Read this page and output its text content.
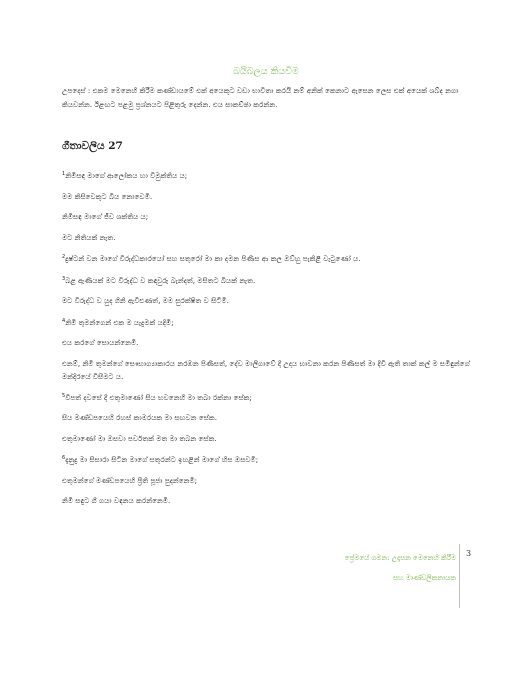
බයිබලය කියවීම
උපදෙස් : එකම මෙනෙහි කිරීම කණ්ඩායමේ එක් අයෙකුට වඩා භාවිතා කරයි නම් අනික් කෙනාට ඇසෙන ලෙස එක් අයෙක් ශබ්ද නගා කියවන්න. ඊළඟට පළමු ප්‍රශ්නයට පිළිතුරු දෙන්න. එය සාකච්ඡා කරන්න.
ගීතාවලිය 27
$^1$නිමිසඳ මාගේ ආලෝකය හා විමුක්තිය ය;
මම කිසිවෙකුට බිය නොවෙමි.
නිමිසඳ මාගේ ජීව ශක්තිය ය;
මට නිතියක් නැත.
$^2$දුෂ්ටන් වන මාගේ විරුද්ධකාරයෝ සහ සතුරෝ මා කා දමන පිණිස ආ කල ඔව්හු පැකිළී වැටුණෝ ය.
$^3$බළ ඇණියක් මට විරුද්ධ ව කඳවුරු බැන්දත්, මසිතට බියක් නැත.
මට විරුද්ධ ව යුද ගිනි ඇවිළුණත්, මම සුරක්ෂිත ව සිටිමි.
$^4$නිමි තුමන්ගෙන් එක ම යැදුමක් යදිමි;
එය කරගේ සොයන්නෙමි.
එනම්, නිමි තුමන්ගේ සෞභාග්‍යාකාරය නරඹන පිණිසත්, දේව මාලිගාවේ දී උදය භාවනා කරන පිණිසත් මා දිවි ඇති තාක් කල් ම සමිඳුන්ගේ මන්දිරයේ විසීමට ය.
$^5$විපත් දවසේ දී එතුමාණෝ සිය භවනෙහි මා තබා රක්නා සේක;
සිය මණ්ඩපයෙහි රහස් කාමරයක මා සඟවන සේක.
එතුමාණෝ මා ඔසවා පර්වතක් මත මා තබන සේක.
$^6$දැනුදු මා සිසාරා සිටින මාගේ සතුරන්ට ඉහළින් මාගේ හිස ඔසවමි;
එතුමන්ගේ මණ්ඩපයෙහි ප්‍රීති පූජා පුදන්නෙමි;
නිමි සඳුට ගී ගයා වඳනය කරන්නෙමි.
ප්‍රේමයේ ගමන: උදෑසන මෙනෙහි කිරීම
සහ මාණ්ඩලිකනායක
3
